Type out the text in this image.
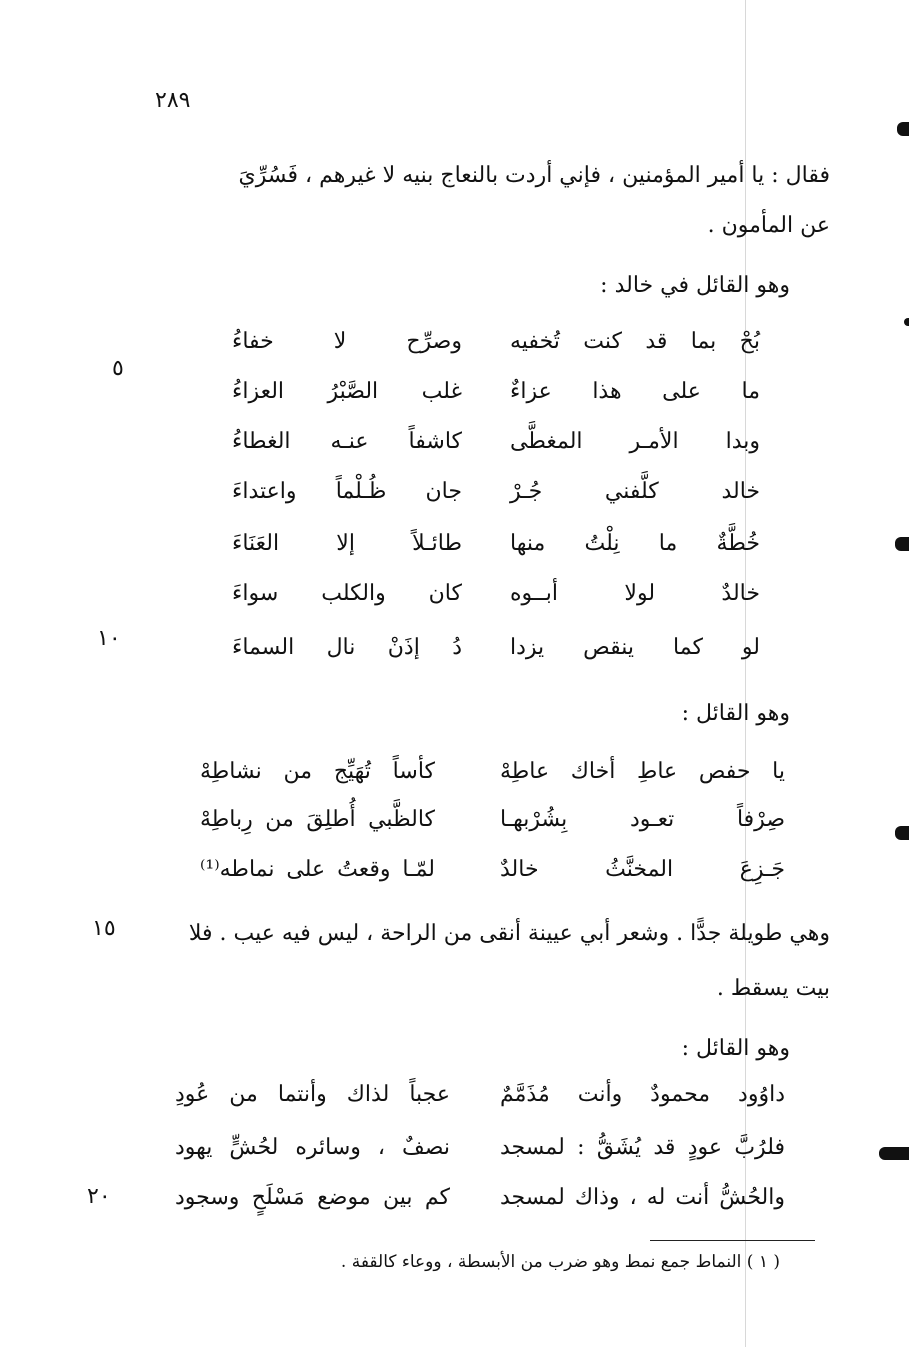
٢٨٩
فقال : يا أمير المؤمنين ، فإني أردت بالنعاج بنيه لا غيرهم ، فَسُرِّيَ
عن المأمون .
وهو القائل في خالد :
بُحْ بما قد كنت تُخفيه
وصرِّح لا خفاءُ
ما على هذا عزاءٌ
غلب الصَّبْرُ العزاءُ
وبدا الأمـر المغطَّى
كاشفاً عنـه الغطاءُ
خالد كلَّفني جُـرْ
جان ظُـلْماً واعتداءَ
خُطَّةٌ ما نِلْتُ منها
طائـلاً إلا العَنَاءَ
خالدٌ لولا أبــوه
كان والكلب سواءَ
لو كما ينقص يزدا
دُ إذَنْ نال السماءَ
وهو القائل :
يا حفص عاطِ أخاك عاطِهْ
كأساً تُهَيِّج من نشاطِهْ
صِرْفاً تعـود بِشُرْبهـا
كالظَّبي أُطلِقَ من رِباطِهْ
جَـزِعَ المخنَّثُ خالدٌ
لمّـا وقعتُ على نماطه⁽¹⁾
وهي طويلة جدًّا . وشعر أبي عيينة أنقى من الراحة ، ليس فيه عيب . فلا
بيت يسقط .
وهو القائل :
داوُود محمودٌ وأنت مُذَمَّمٌ
عجباً لذاك وأنتما من عُودِ
فلرُبَّ عودٍ قد يُشَقُّ : لمسجد
نصفٌ ، وسائره لحُشٍّ يهود
والحُشُّ أنت له ، وذاك لمسجد
كم بين موضع مَسْلَحٍ وسجود
٥
١٠
١٥
٢٠
( ١ ) النماط جمع نمط وهو ضرب من الأبسطة ، ووعاء كالقفة .
